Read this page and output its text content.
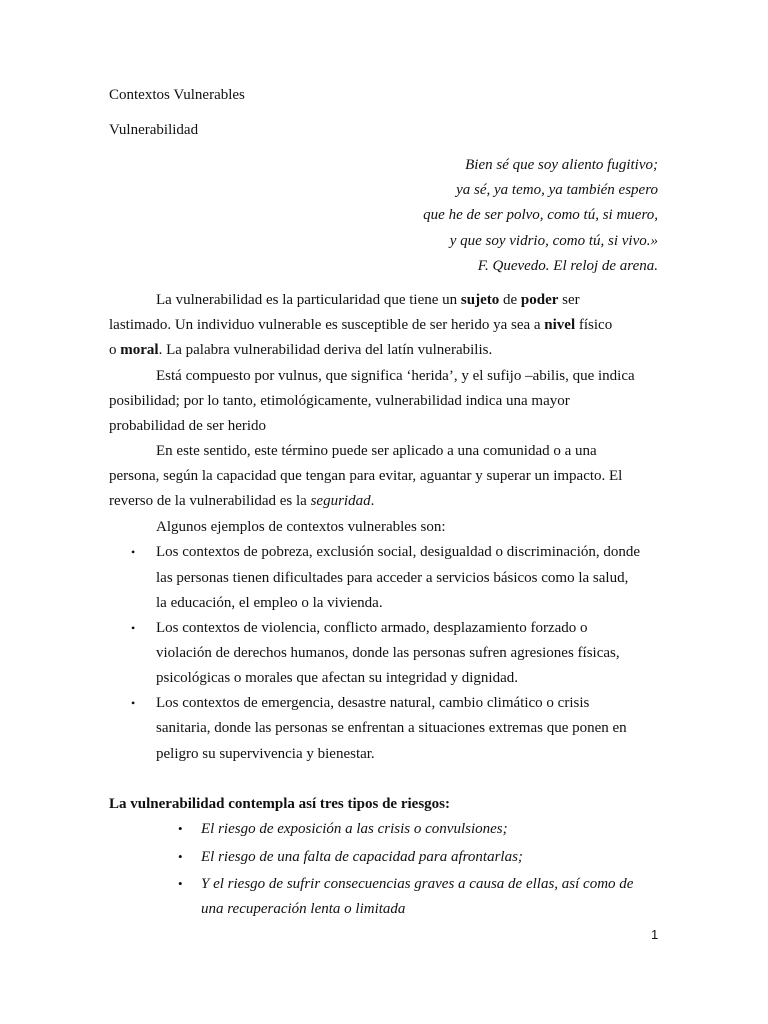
Contextos Vulnerables
Vulnerabilidad
Bien sé que soy aliento fugitivo;
ya sé, ya temo, ya también espero
que he de ser polvo, como tú, si muero,
y que soy vidrio, como tú, si vivo.»
F. Quevedo. El reloj de arena.
La vulnerabilidad es la particularidad que tiene un sujeto de poder ser
lastimado. Un individuo vulnerable es susceptible de ser herido ya sea a nivel físico
o moral. La palabra vulnerabilidad deriva del latín vulnerabilis.
Está compuesto por vulnus, que significa ‘herida’, y el sufijo –abilis, que indica
posibilidad; por lo tanto, etimológicamente, vulnerabilidad indica una mayor
probabilidad de ser herido
En este sentido, este término puede ser aplicado a una comunidad o a una
persona, según la capacidad que tengan para evitar, aguantar y superar un impacto. El
reverso de la vulnerabilidad es la seguridad.
Algunos ejemplos de contextos vulnerables son:
• Los contextos de pobreza, exclusión social, desigualdad o discriminación, donde
las personas tienen dificultades para acceder a servicios básicos como la salud,
la educación, el empleo o la vivienda.
• Los contextos de violencia, conflicto armado, desplazamiento forzado o
violación de derechos humanos, donde las personas sufren agresiones físicas,
psicológicas o morales que afectan su integridad y dignidad.
• Los contextos de emergencia, desastre natural, cambio climático o crisis
sanitaria, donde las personas se enfrentan a situaciones extremas que ponen en
peligro su supervivencia y bienestar.
La vulnerabilidad contempla así tres tipos de riesgos:
• El riesgo de exposición a las crisis o convulsiones;
• El riesgo de una falta de capacidad para afrontarlas;
• Y el riesgo de sufrir consecuencias graves a causa de ellas, así como de
una recuperación lenta o limitada
1
